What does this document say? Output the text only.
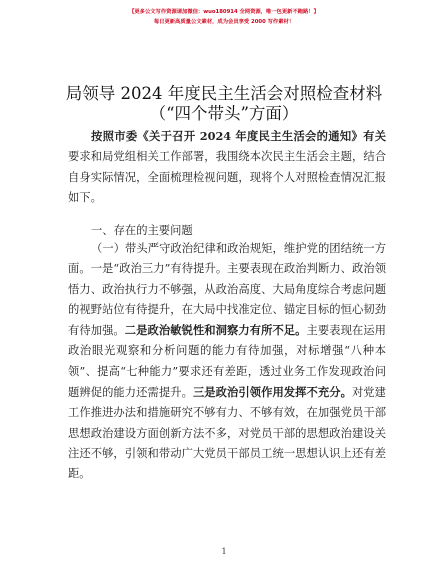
【更多公文写作资源请加微信：wuo180914 全网资源，唯一包更新不跑路！】
每日更新高质量公文素材，成为会员享受 2000 写作素材！
局领导 2024 年度民主生活会对照检查材料
（“四个带头”方面）
按照市委《关于召开 2024 年度民主生活会的通知》有关要求和局党组相关工作部署，我围绕本次民主生活会主题，结合自身实际情况，全面梳理检视问题，现将个人对照检查情况汇报如下。
一、存在的主要问题
（一）带头严守政治纪律和政治规矩，维护党的团结统一方面。一是“政治三力”有待提升。主要表现在政治判断力、政治领悟力、政治执行力不够强，从政治高度、大局角度综合考虑问题的视野站位有待提升，在大局中找准定位、锚定目标的恒心韧劲有待加强。二是政治敏锐性和洞察力有所不足。主要表现在运用政治眼光观察和分析问题的能力有待加强，对标增强“八种本领”、提高“七种能力”要求还有差距，透过业务工作发现政治问题辨促的能力还需提升。三是政治引领作用发挥不充分。对党建工作推进办法和措施研究不够有力、不够有效，在加强党员干部思想政治建设方面创新方法不多，对党员干部的思想政治建设关注还不够，引领和带动广大党员干部员工统一思想认识上还有差距。
1
